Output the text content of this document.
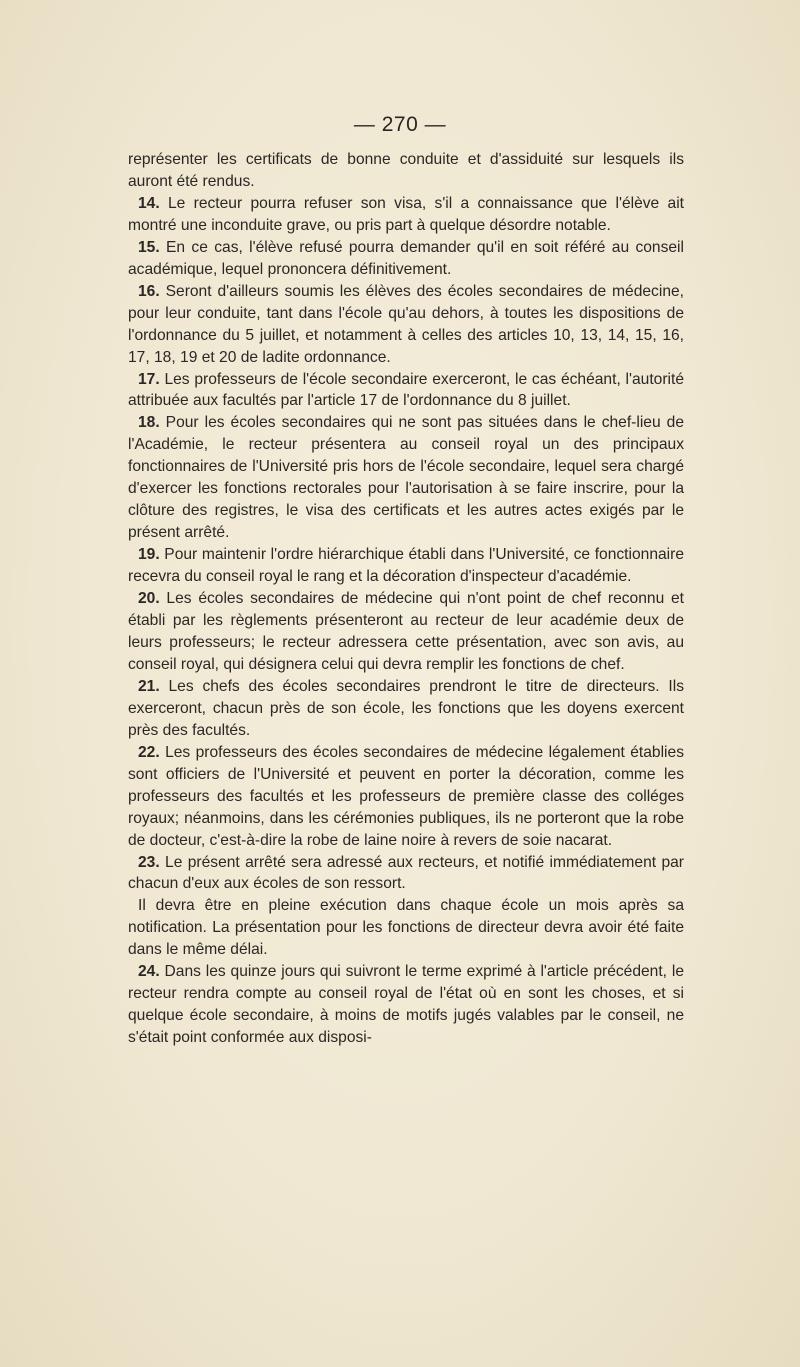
— 270 —

représenter les certificats de bonne conduite et d'assiduité sur lesquels ils auront été rendus.

14. Le recteur pourra refuser son visa, s'il a connaissance que l'élève ait montré une inconduite grave, ou pris part à quelque désordre notable.

15. En ce cas, l'élève refusé pourra demander qu'il en soit référé au conseil académique, lequel prononcera définitivement.

16. Seront d'ailleurs soumis les élèves des écoles secondaires de médecine, pour leur conduite, tant dans l'école qu'au dehors, à toutes les dispositions de l'ordonnance du 5 juillet, et notamment à celles des articles 10, 13, 14, 15, 16, 17, 18, 19 et 20 de ladite ordonnance.

17. Les professeurs de l'école secondaire exerceront, le cas échéant, l'autorité attribuée aux facultés par l'article 17 de l'ordonnance du 8 juillet.

18. Pour les écoles secondaires qui ne sont pas situées dans le chef-lieu de l'Académie, le recteur présentera au conseil royal un des principaux fonctionnaires de l'Université pris hors de l'école secondaire, lequel sera chargé d'exercer les fonctions rectorales pour l'autorisation à se faire inscrire, pour la clôture des registres, le visa des certificats et les autres actes exigés par le présent arrêté.

19. Pour maintenir l'ordre hiérarchique établi dans l'Université, ce fonctionnaire recevra du conseil royal le rang et la décoration d'inspecteur d'académie.

20. Les écoles secondaires de médecine qui n'ont point de chef reconnu et établi par les règlements présenteront au recteur de leur académie deux de leurs professeurs; le recteur adressera cette présentation, avec son avis, au conseil royal, qui désignera celui qui devra remplir les fonctions de chef.

21. Les chefs des écoles secondaires prendront le titre de directeurs. Ils exerceront, chacun près de son école, les fonctions que les doyens exercent près des facultés.

22. Les professeurs des écoles secondaires de médecine légalement établies sont officiers de l'Université et peuvent en porter la décoration, comme les professeurs des facultés et les professeurs de première classe des colléges royaux; néanmoins, dans les cérémonies publiques, ils ne porteront que la robe de docteur, c'est-à-dire la robe de laine noire à revers de soie nacarat.

23. Le présent arrêté sera adressé aux recteurs, et notifié immédiatement par chacun d'eux aux écoles de son ressort.

Il devra être en pleine exécution dans chaque école un mois après sa notification. La présentation pour les fonctions de directeur devra avoir été faite dans le même délai.

24. Dans les quinze jours qui suivront le terme exprimé à l'article précédent, le recteur rendra compte au conseil royal de l'état où en sont les choses, et si quelque école secondaire, à moins de motifs jugés valables par le conseil, ne s'était point conformée aux disposi-
